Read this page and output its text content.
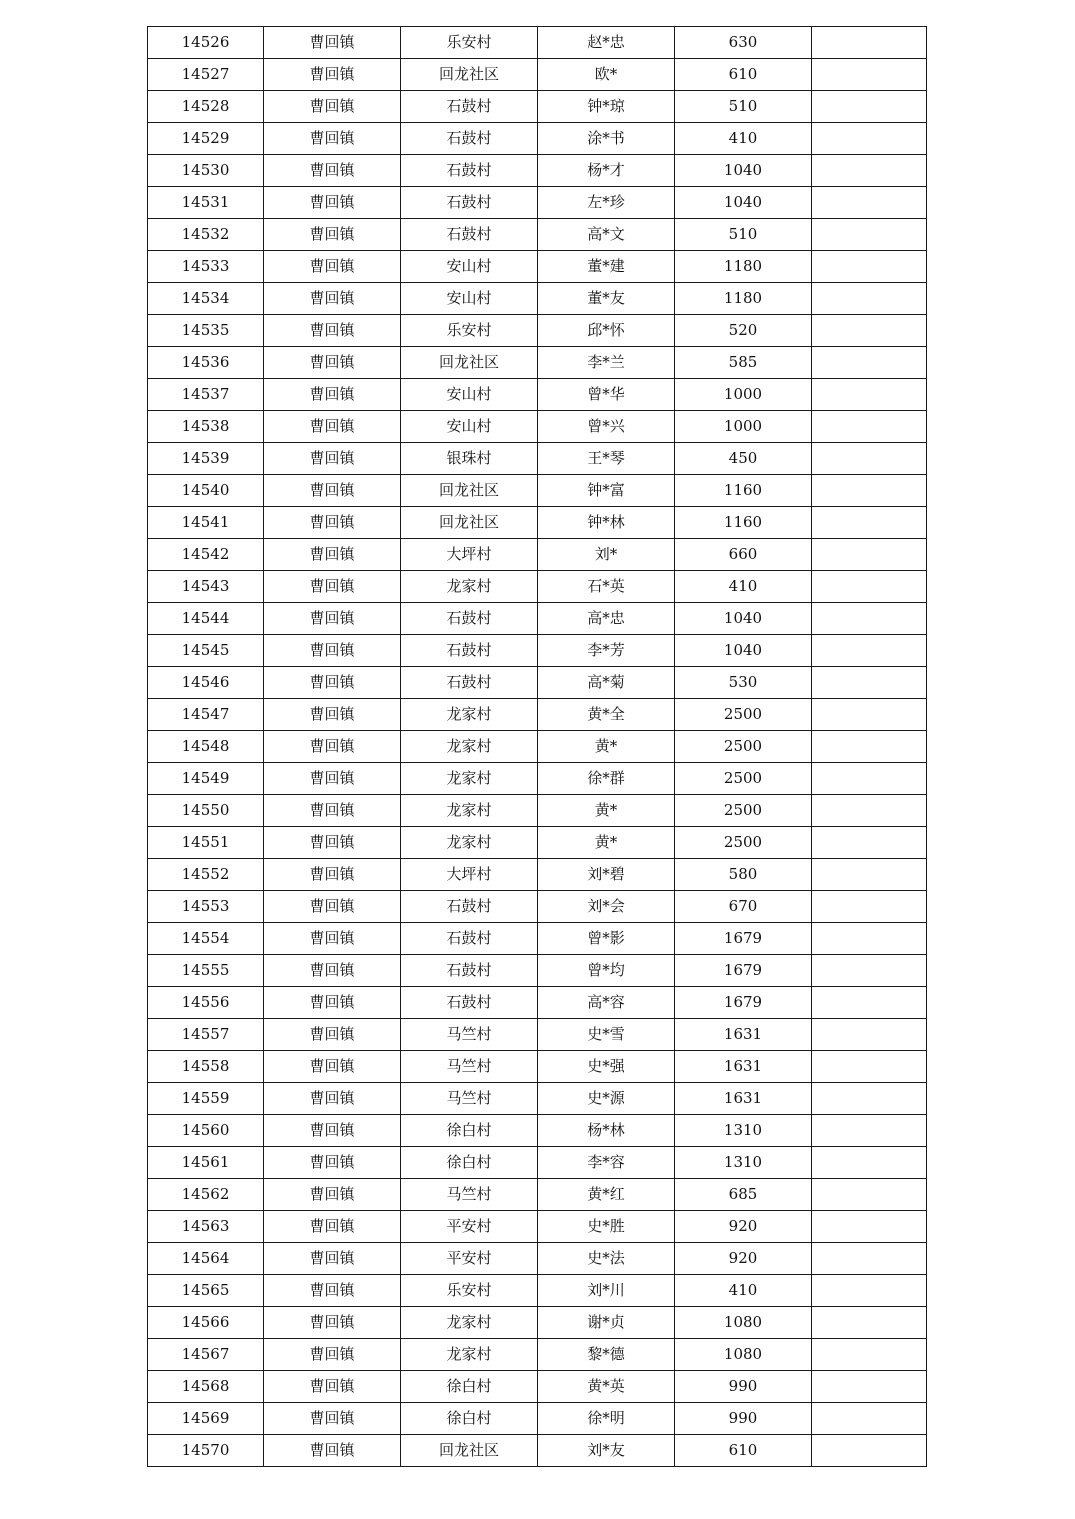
14526	曹回镇	乐安村	赵*忠	630	
14527	曹回镇	回龙社区	欧*	610	
14528	曹回镇	石鼓村	钟*琼	510	
14529	曹回镇	石鼓村	涂*书	410	
14530	曹回镇	石鼓村	杨*才	1040	
14531	曹回镇	石鼓村	左*珍	1040	
14532	曹回镇	石鼓村	高*文	510	
14533	曹回镇	安山村	董*建	1180	
14534	曹回镇	安山村	董*友	1180	
14535	曹回镇	乐安村	邱*怀	520	
14536	曹回镇	回龙社区	李*兰	585	
14537	曹回镇	安山村	曾*华	1000	
14538	曹回镇	安山村	曾*兴	1000	
14539	曹回镇	银珠村	王*琴	450	
14540	曹回镇	回龙社区	钟*富	1160	
14541	曹回镇	回龙社区	钟*林	1160	
14542	曹回镇	大坪村	刘*	660	
14543	曹回镇	龙家村	石*英	410	
14544	曹回镇	石鼓村	高*忠	1040	
14545	曹回镇	石鼓村	李*芳	1040	
14546	曹回镇	石鼓村	高*菊	530	
14547	曹回镇	龙家村	黄*全	2500	
14548	曹回镇	龙家村	黄*	2500	
14549	曹回镇	龙家村	徐*群	2500	
14550	曹回镇	龙家村	黄*	2500	
14551	曹回镇	龙家村	黄*	2500	
14552	曹回镇	大坪村	刘*碧	580	
14553	曹回镇	石鼓村	刘*会	670	
14554	曹回镇	石鼓村	曾*影	1679	
14555	曹回镇	石鼓村	曾*均	1679	
14556	曹回镇	石鼓村	高*容	1679	
14557	曹回镇	马竺村	史*雪	1631	
14558	曹回镇	马竺村	史*强	1631	
14559	曹回镇	马竺村	史*源	1631	
14560	曹回镇	徐白村	杨*林	1310	
14561	曹回镇	徐白村	李*容	1310	
14562	曹回镇	马竺村	黄*红	685	
14563	曹回镇	平安村	史*胜	920	
14564	曹回镇	平安村	史*法	920	
14565	曹回镇	乐安村	刘*川	410	
14566	曹回镇	龙家村	谢*贞	1080	
14567	曹回镇	龙家村	黎*德	1080	
14568	曹回镇	徐白村	黄*英	990	
14569	曹回镇	徐白村	徐*明	990	
14570	曹回镇	回龙社区	刘*友	610	
